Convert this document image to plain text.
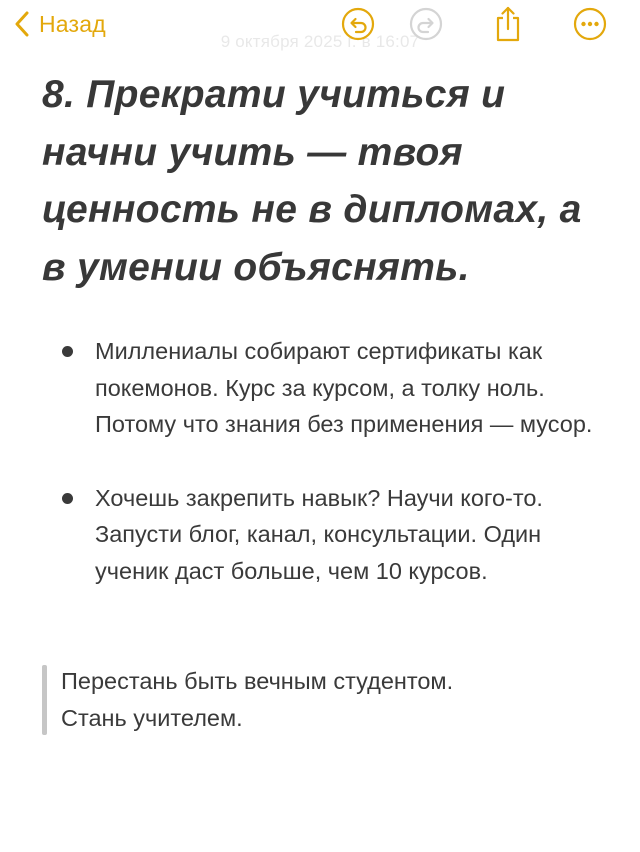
9 октября 2025 г. в 16:07
Назад
8. Прекрати учиться и начни учить — твоя ценность не в дипломах, а в умении объяснять.
Миллениалы собирают сертификаты как покемонов. Курс за курсом, а толку ноль. Потому что знания без применения — мусор.
Хочешь закрепить навык? Научи кого-то. Запусти блог, канал, консультации. Один ученик даст больше, чем 10 курсов.
Перестань быть вечным студентом.
Стань учителем.
